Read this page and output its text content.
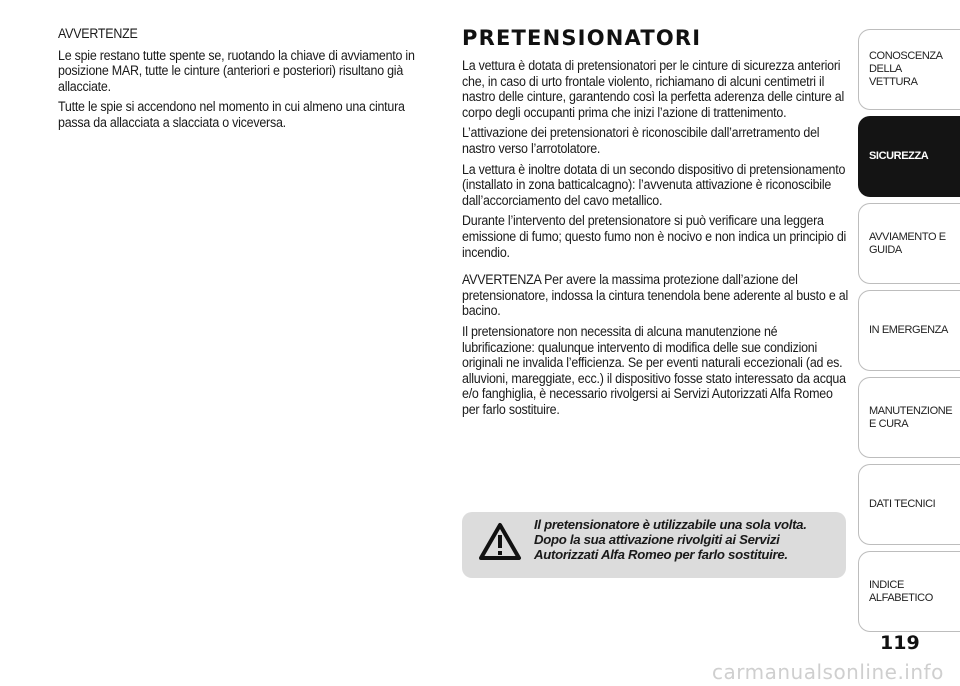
AVVERTENZE
Le spie restano tutte spente se, ruotando la chiave di avviamento in posizione MAR, tutte le cinture (anteriori e posteriori) risultano già allacciate.
Tutte le spie si accendono nel momento in cui almeno una cintura passa da allacciata a slacciata o viceversa.
PRETENSIONATORI
La vettura è dotata di pretensionatori per le cinture di sicurezza anteriori che, in caso di urto frontale violento, richiamano di alcuni centimetri il nastro delle cinture, garantendo così la perfetta aderenza delle cinture al corpo degli occupanti prima che inizi l’azione di trattenimento.
L’attivazione dei pretensionatori è riconoscibile dall’arretramento del nastro verso l’arrotolatore.
La vettura è inoltre dotata di un secondo dispositivo di pretensionamento (installato in zona batticalcagno): l’avvenuta attivazione è riconoscibile dall’accorciamento del cavo metallico.
Durante l’intervento del pretensionatore si può verificare una leggera emissione di fumo; questo fumo non è nocivo e non indica un principio di incendio.
AVVERTENZA Per avere la massima protezione dall’azione del pretensionatore, indossa la cintura tenendola bene aderente al busto e al bacino.
Il pretensionatore non necessita di alcuna manutenzione né lubrificazione: qualunque intervento di modifica delle sue condizioni originali ne invalida l’efficienza. Se per eventi naturali eccezionali (ad es. alluvioni, mareggiate, ecc.) il dispositivo fosse stato interessato da acqua e/o fanghiglia, è necessario rivolgersi ai Servizi Autorizzati Alfa Romeo per farlo sostituire.
Il pretensionatore è utilizzabile una sola volta. Dopo la sua attivazione rivolgiti ai Servizi Autorizzati Alfa Romeo per farlo sostituire.
CONOSCENZA DELLA VETTURA
SICUREZZA
AVVIAMENTO E GUIDA
IN EMERGENZA
MANUTENZIONE E CURA
DATI TECNICI
INDICE ALFABETICO
119
carmanualsonline.info
